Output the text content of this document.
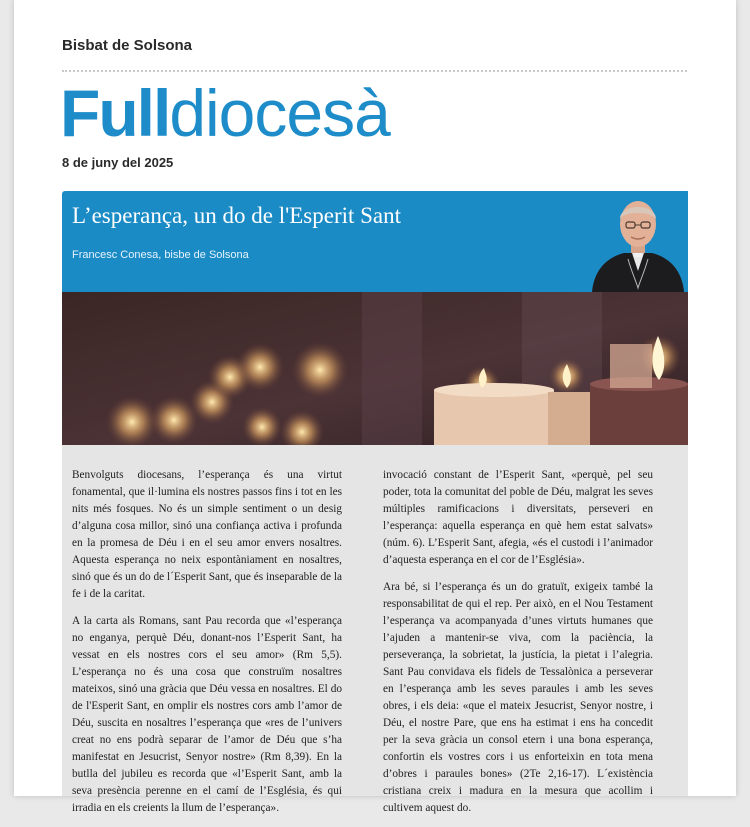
Bisbat de Solsona
Fulldiocesà
8 de juny del 2025
L’esperança, un do de l'Esperit Sant
Francesc Conesa, bisbe de Solsona

Benvolguts diocesans, l’esperança és una virtut fonamental, que il·lumina els nostres passos fins i tot en les nits més fosques. No és un simple sentiment o un desig d’alguna cosa millor, sinó una confiança activa i profunda en la promesa de Déu i en el seu amor envers nosaltres. Aquesta esperança no neix espontàniament en nosaltres, sinó que és un do de l´Esperit Sant, que és inseparable de la fe i de la caritat.

A la carta als Romans, sant Pau recorda que «l’esperança no enganya, perquè Déu, donant-nos l’Esperit Sant, ha vessat en els nostres cors el seu amor» (Rm 5,5). L’esperança no és una cosa que construïm nosaltres mateixos, sinó una gràcia que Déu vessa en nosaltres. El do de l'Esperit Sant, en omplir els nostres cors amb l’amor de Déu, suscita en nosaltres l’esperança que «res de l’univers creat no ens podrà separar de l’amor de Déu que s’ha manifestat en Jesucrist, Senyor nostre» (Rm 8,39). En la butlla del jubileu es recorda que «l’Esperit Sant, amb la seva presència perenne en el camí de l’Església, és qui irradia en els creients la llum de l’esperança».

invocació constant de l’Esperit Sant, «perquè, pel seu poder, tota la comunitat del poble de Déu, malgrat les seves múltiples ramificacions i diversitats, perseveri en l’esperança: aquella esperança en què hem estat salvats» (núm. 6). L’Esperit Sant, afegia, «és el custodi i l’animador d’aquesta esperança en el cor de l’Església».

Ara bé, si l’esperança és un do gratuït, exigeix també la responsabilitat de qui el rep. Per això, en el Nou Testament l’esperança va acompanyada d’unes virtuts humanes que l’ajuden a mantenir-se viva, com la paciència, la perseverança, la sobrietat, la justícia, la pietat i l’alegria. Sant Pau convidava els fidels de Tessalònica a perseverar en l’esperança amb les seves paraules i amb les seves obres, i els deia: «que el mateix Jesucrist, Senyor nostre, i Déu, el nostre Pare, que ens ha estimat i ens ha concedit per la seva gràcia un consol etern i una bona esperança, confortin els vostres cors i us enforteixin en tota mena d’obres i paraules bones» (2Te 2,16-17). L´existència cristiana creix i madura en la mesura que acollim i cultivem aquest do.
